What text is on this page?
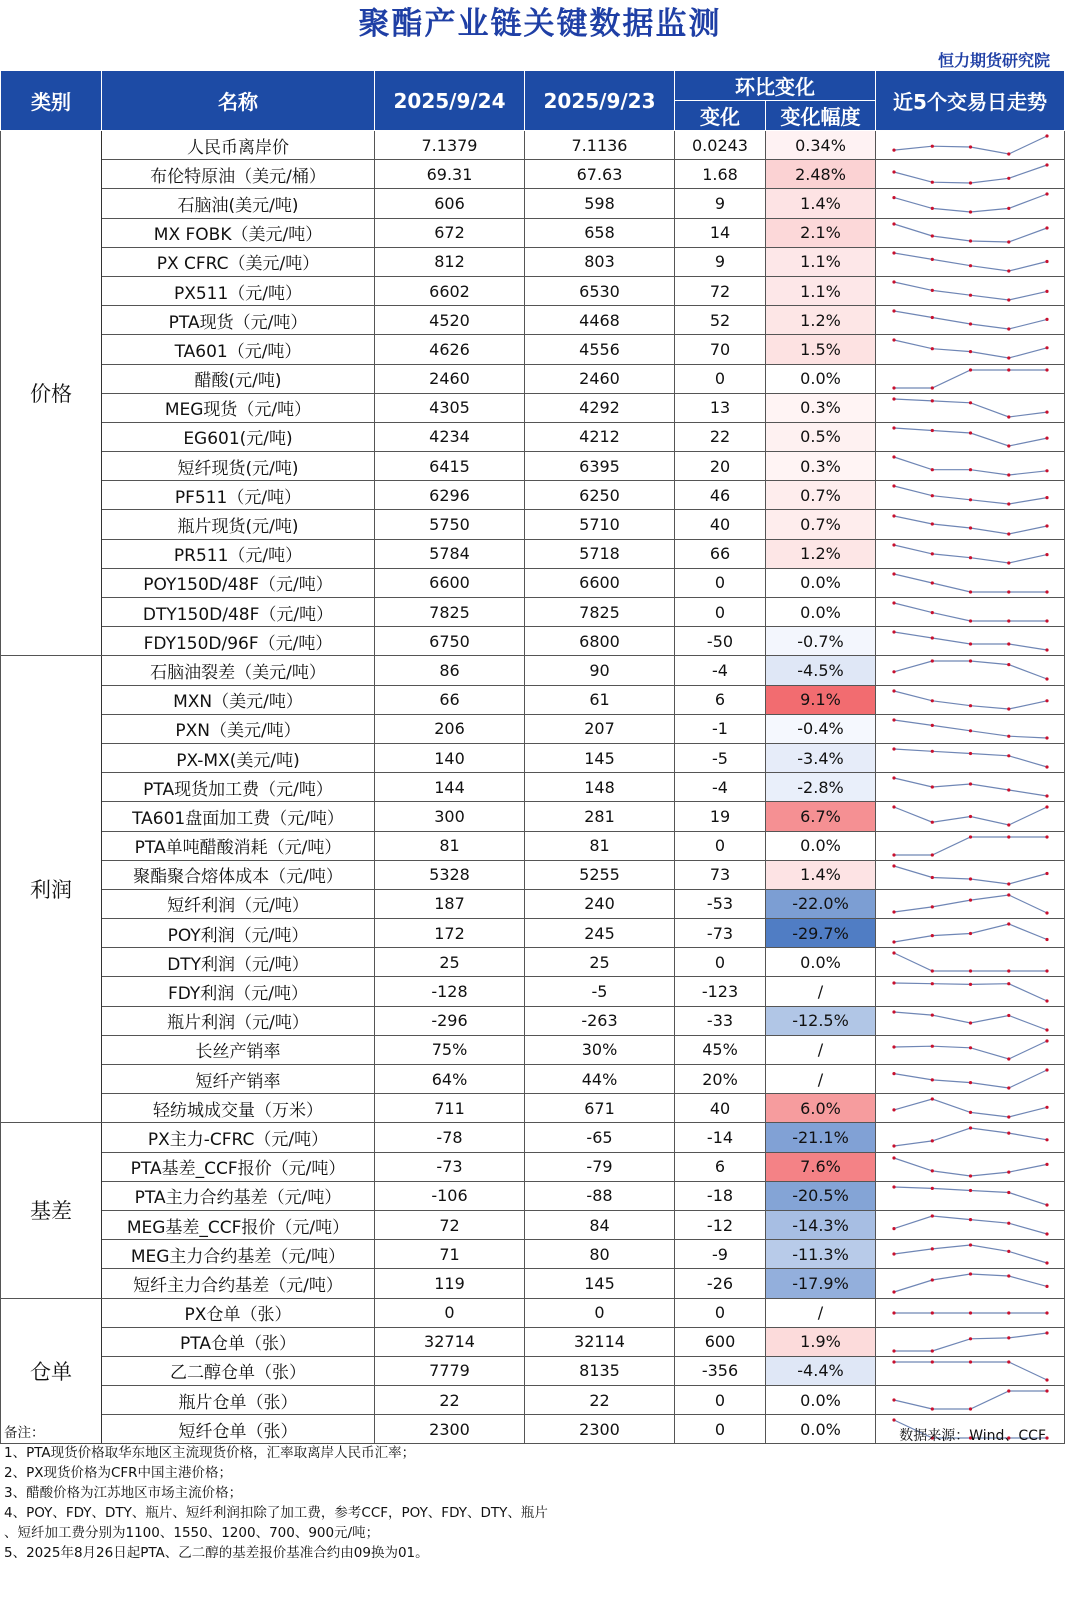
聚酯产业链关键数据监测
恒力期货研究院
类别	名称	2025/9/24	2025/9/23	环比变化		近5个交易日走势
				变化	变化幅度	
价格	人民币离岸价	7.1379	7.1136	0.0243	0.34%	

	布伦特原油（美元/桶）	69.31	67.63	1.68	2.48%	

	石脑油(美元/吨)	606	598	9	1.4%	

	MX FOBK（美元/吨）	672	658	14	2.1%	

	PX CFRC（美元/吨）	812	803	9	1.1%	

	PX511（元/吨）	6602	6530	72	1.1%	

	PTA现货（元/吨）	4520	4468	52	1.2%	

	TA601（元/吨）	4626	4556	70	1.5%	

	醋酸(元/吨)	2460	2460	0	0.0%	

	MEG现货（元/吨）	4305	4292	13	0.3%	

	EG601(元/吨)	4234	4212	22	0.5%	

	短纤现货(元/吨)	6415	6395	20	0.3%	

	PF511（元/吨）	6296	6250	46	0.7%	

	瓶片现货(元/吨)	5750	5710	40	0.7%	

	PR511（元/吨）	5784	5718	66	1.2%	

	POY150D/48F（元/吨）	6600	6600	0	0.0%	

	DTY150D/48F（元/吨）	7825	7825	0	0.0%	

	FDY150D/96F（元/吨）	6750	6800	-50	-0.7%	

利润	石脑油裂差（美元/吨）	86	90	-4	-4.5%	

	MXN（美元/吨）	66	61	6	9.1%	

	PXN（美元/吨）	206	207	-1	-0.4%	

	PX-MX(美元/吨)	140	145	-5	-3.4%	

	PTA现货加工费（元/吨）	144	148	-4	-2.8%	

	TA601盘面加工费（元/吨）	300	281	19	6.7%	

	PTA单吨醋酸消耗（元/吨）	81	81	0	0.0%	

	聚酯聚合熔体成本（元/吨）	5328	5255	73	1.4%	

	短纤利润（元/吨）	187	240	-53	-22.0%	

	POY利润（元/吨）	172	245	-73	-29.7%	

	DTY利润（元/吨）	25	25	0	0.0%	

	FDY利润（元/吨）	-128	-5	-123	/	

	瓶片利润（元/吨）	-296	-263	-33	-12.5%	

	长丝产销率	75%	30%	45%	/	

	短纤产销率	64%	44%	20%	/	

	轻纺城成交量（万米）	711	671	40	6.0%	

基差	PX主力-CFRC（元/吨）	-78	-65	-14	-21.1%	

	PTA基差_CCF报价（元/吨）	-73	-79	6	7.6%	

	PTA主力合约基差（元/吨）	-106	-88	-18	-20.5%	

	MEG基差_CCF报价（元/吨）	72	84	-12	-14.3%	

	MEG主力合约基差（元/吨）	71	80	-9	-11.3%	

	短纤主力合约基差（元/吨）	119	145	-26	-17.9%	

仓单	PX仓单（张）	0	0	0	/	

	PTA仓单（张）	32714	32114	600	1.9%	

	乙二醇仓单（张）	7779	8135	-356	-4.4%	

	瓶片仓单（张）	22	22	0	0.0%	

	短纤仓单（张）	2300	2300	0	0.0%	
备注：
1、PTA现货价格取华东地区主流现货价格，汇率取离岸人民币汇率；
2、PX现货价格为CFR中国主港价格；
3、醋酸价格为江苏地区市场主流价格；
4、POY、FDY、DTY、瓶片、短纤利润扣除了加工费，参考CCF，POY、FDY、DTY、瓶片
、短纤加工费分别为1100、1550、1200、700、900元/吨；
5、2025年8月26日起PTA、乙二醇的基差报价基准合约由09换为01。
数据来源：Wind、CCF
